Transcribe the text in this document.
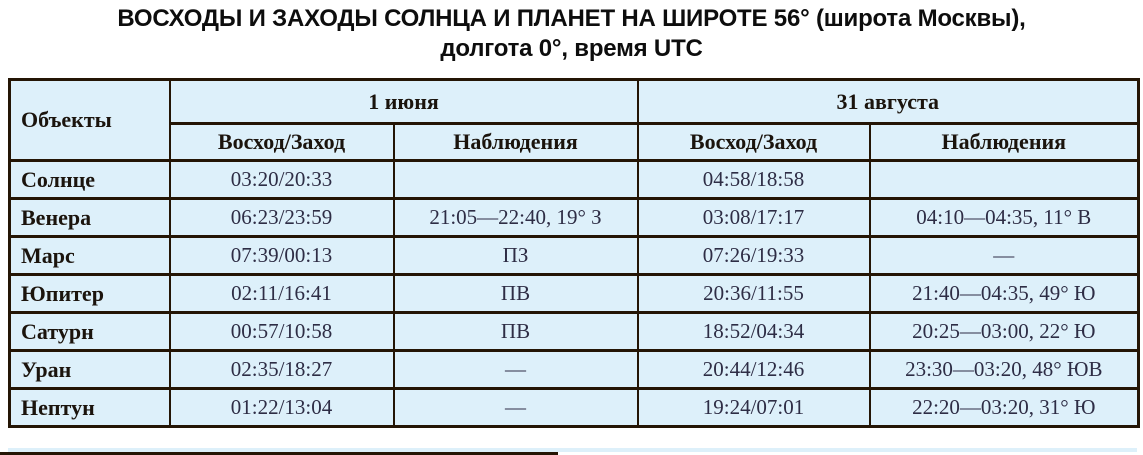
ВОСХОДЫ И ЗАХОДЫ СОЛНЦА И ПЛАНЕТ НА ШИРОТЕ 56° (широта Москвы),
долгота 0°, время UTC
Объекты	1 июня		31 августа	
	Восход/Заход	Наблюдения	Восход/Заход	Наблюдения
Солнце	03:20/20:33		04:58/18:58	
Венера	06:23/23:59	21:05—22:40, 19° З	03:08/17:17	04:10—04:35, 11° В
Марс	07:39/00:13	ПЗ	07:26/19:33	—
Юпитер	02:11/16:41	ПВ	20:36/11:55	21:40—04:35, 49° Ю
Сатурн	00:57/10:58	ПВ	18:52/04:34	20:25—03:00, 22° Ю
Уран	02:35/18:27	—	20:44/12:46	23:30—03:20, 48° ЮВ
Нептун	01:22/13:04	—	19:24/07:01	22:20—03:20, 31° Ю
